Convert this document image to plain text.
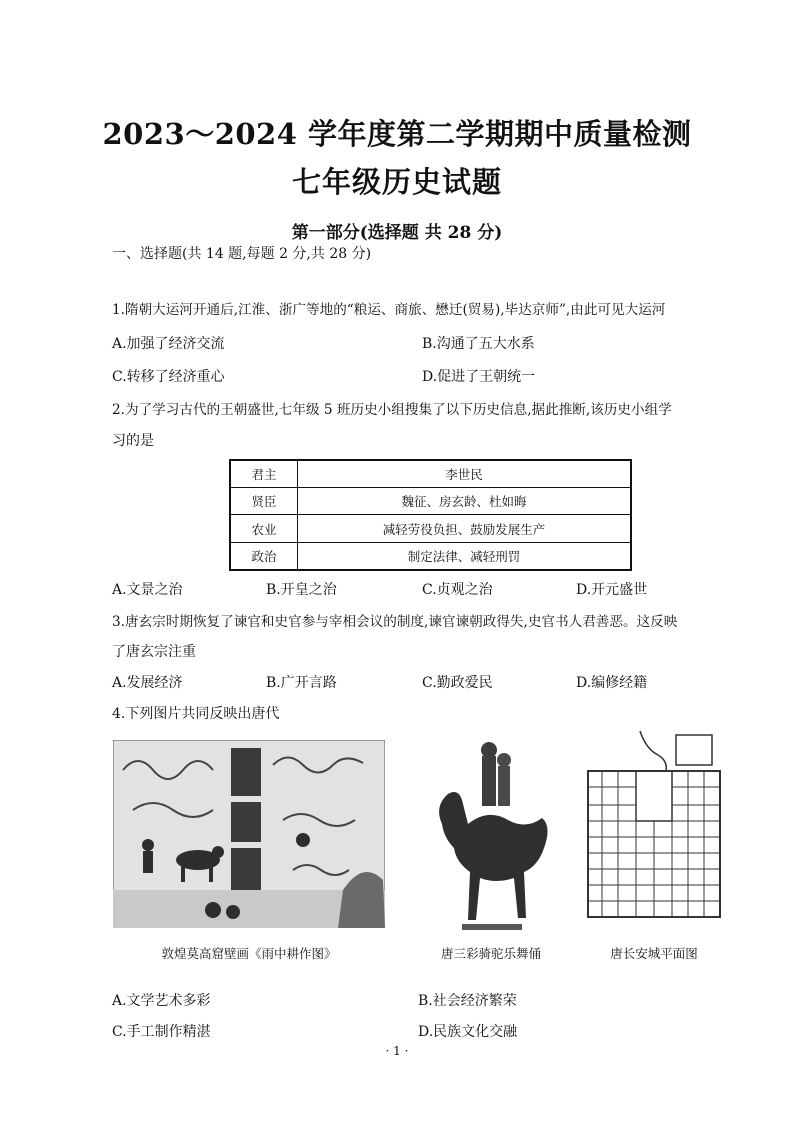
2023～2024 学年度第二学期期中质量检测
七年级历史试题
第一部分(选择题 共 28 分)
一、选择题(共 14 题,每题 2 分,共 28 分)
1.隋朝大运河开通后,江淮、浙广等地的“粮运、商旅、懋迁(贸易),毕达京师”,由此可见大运河
A.加强了经济交流	B.沟通了五大水系
C.转移了经济重心	D.促进了王朝统一
2.为了学习古代的王朝盛世,七年级 5 班历史小组搜集了以下历史信息,据此推断,该历史小组学
习的是
君主	李世民
贤臣	魏征、房玄龄、杜如晦
农业	减轻劳役负担、鼓励发展生产
政治	制定法律、减轻刑罚
A.文景之治	B.开皇之治	C.贞观之治	D.开元盛世
3.唐玄宗时期恢复了谏官和史官参与宰相会议的制度,谏官谏朝政得失,史官书人君善恶。这反映
了唐玄宗注重
A.发展经济	B.广开言路	C.勤政爱民	D.编修经籍
4.下列图片共同反映出唐代
敦煌莫高窟壁画《雨中耕作图》	唐三彩骑驼乐舞俑	唐长安城平面图
A.文学艺术多彩	B.社会经济繁荣
C.手工制作精湛	D.民族文化交融
· 1 ·
